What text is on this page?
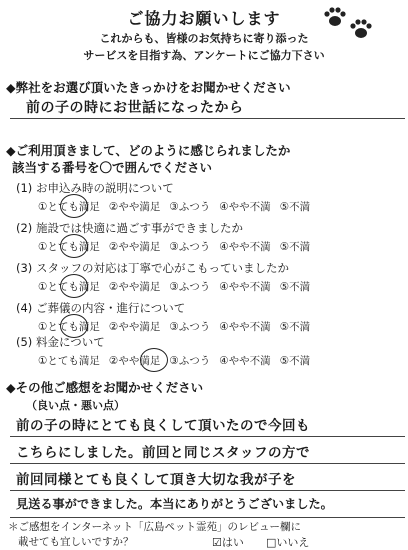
ご協力お願いします
これからも、皆様のお気持ちに寄り添った
サービスを目指す為、アンケートにご協力下さい
◆弊社をお選び頂いたきっかけをお聞かせください
前の子の時にお世話になったから
◆ご利用頂きまして、どのように感じられましたか
該当する番号を〇で囲んでください
(1) お申込み時の説明について
①とても満足 ②やや満足 ③ふつう ④やや不満 ⑤不満
(2) 施設では快適に過ごす事ができましたか
①とても満足 ②やや満足 ③ふつう ④やや不満 ⑤不満
(3) スタッフの対応は丁寧で心がこもっていましたか
①とても満足 ②やや満足 ③ふつう ④やや不満 ⑤不満
(4) ご葬儀の内容・進行について
①とても満足 ②やや満足 ③ふつう ④やや不満 ⑤不満
(5) 料金について
①とても満足 ②やや満足 ③ふつう ④やや不満 ⑤不満
◆その他ご感想をお聞かせください
（良い点・悪い点）
前の子の時にとても良くして頂いたので今回も
こちらにしました。前回と同じスタッフの方で
前回同様とても良くして頂き大切な我が子を
見送る事ができました。本当にありがとうございました。
＊ご感想をインターネット「広島ペット霊苑」のレビュー欄に
載せても宜しいですか？	☑はい □いいえ
